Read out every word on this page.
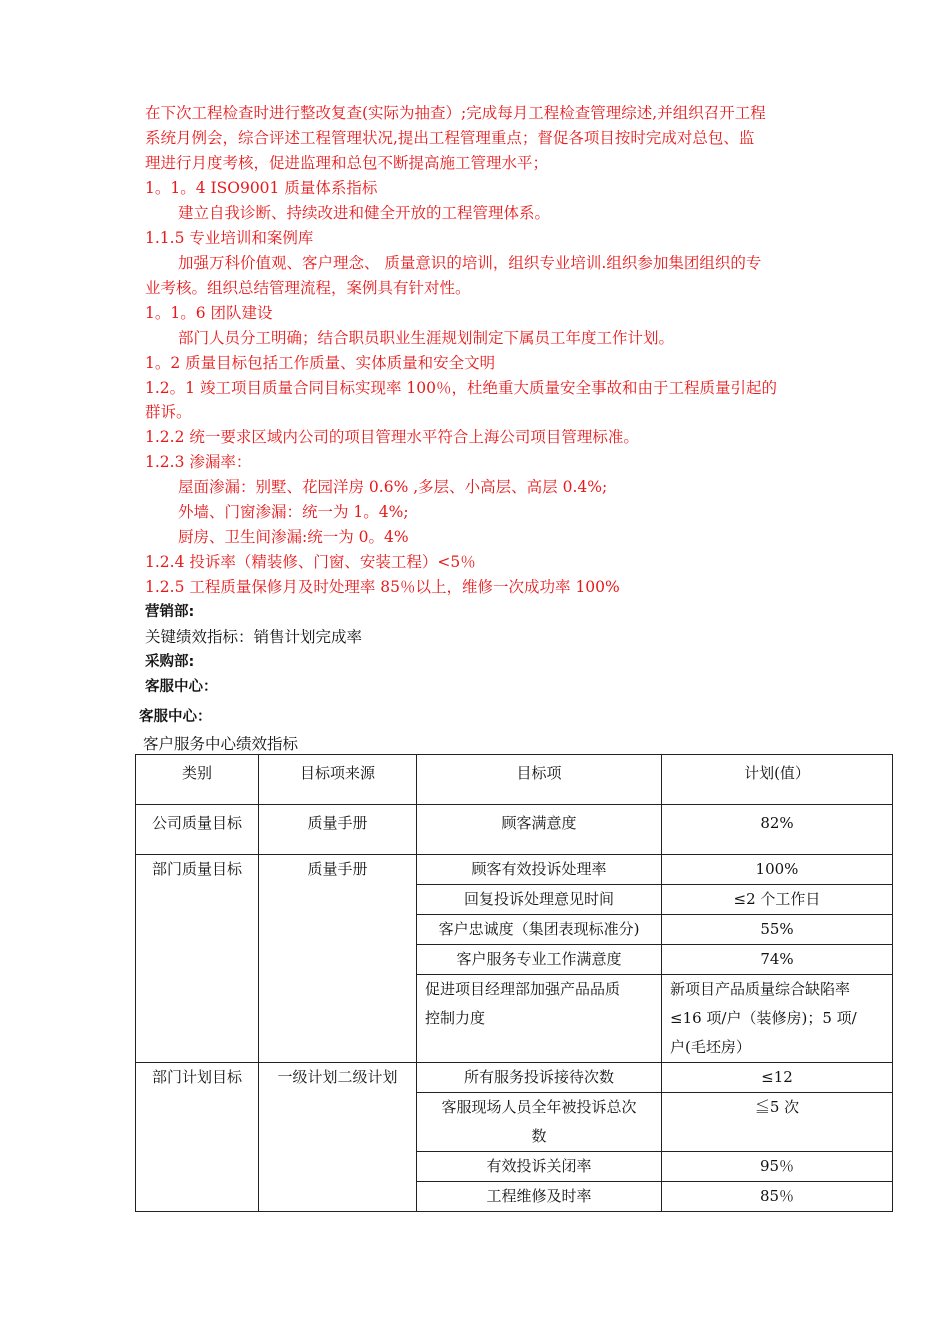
在下次工程检查时进行整改复查(实际为抽查）;完成每月工程检查管理综述,并组织召开工程
系统月例会，综合评述工程管理状况,提出工程管理重点；督促各项目按时完成对总包、监
理进行月度考核，促进监理和总包不断提高施工管理水平；
1。1。4 ISO9001 质量体系指标
建立自我诊断、持续改进和健全开放的工程管理体系。
1.1.5 专业培训和案例库
加强万科价值观、客户理念、 质量意识的培训，组织专业培训.组织参加集团组织的专
业考核。组织总结管理流程，案例具有针对性。
1。1。6 团队建设
部门人员分工明确；结合职员职业生涯规划制定下属员工年度工作计划。
1。2 质量目标包括工作质量、实体质量和安全文明
1.2。1 竣工项目质量合同目标实现率 100％，杜绝重大质量安全事故和由于工程质量引起的
群诉。
1.2.2 统一要求区域内公司的项目管理水平符合上海公司项目管理标准。
1.2.3 渗漏率：
屋面渗漏：别墅、花园洋房 0.6% ,多层、小高层、高层 0.4%;
外墙、门窗渗漏：统一为 1。4%;
厨房、卫生间渗漏:统一为 0。4%
1.2.4 投诉率（精装修、门窗、安装工程）<5％
1.2.5 工程质量保修月及时处理率 85％以上，维修一次成功率 100%
营销部:
关键绩效指标：销售计划完成率
采购部:
客服中心：
客服中心：
客户服务中心绩效指标
类别	目标项来源	目标项	计划(值）
公司质量目标	质量手册	顾客满意度	82%
部门质量目标	质量手册	顾客有效投诉处理率	100%
		回复投诉处理意见时间	≤2 个工作日
		客户忠诚度（集团表现标准分)	55%
		客户服务专业工作满意度	74%

		促进项目经理部加强产品品质
控制力度	新项目产品质量综合缺陷率
≤16 项/户（装修房)；5 项/
户(毛坯房）

部门计划目标	一级计划二级计划	所有服务投诉接待次数	≤12

		客服现场人员全年被投诉总次
数	≦5 次
		有效投诉关闭率	95％
		工程维修及时率	85％
